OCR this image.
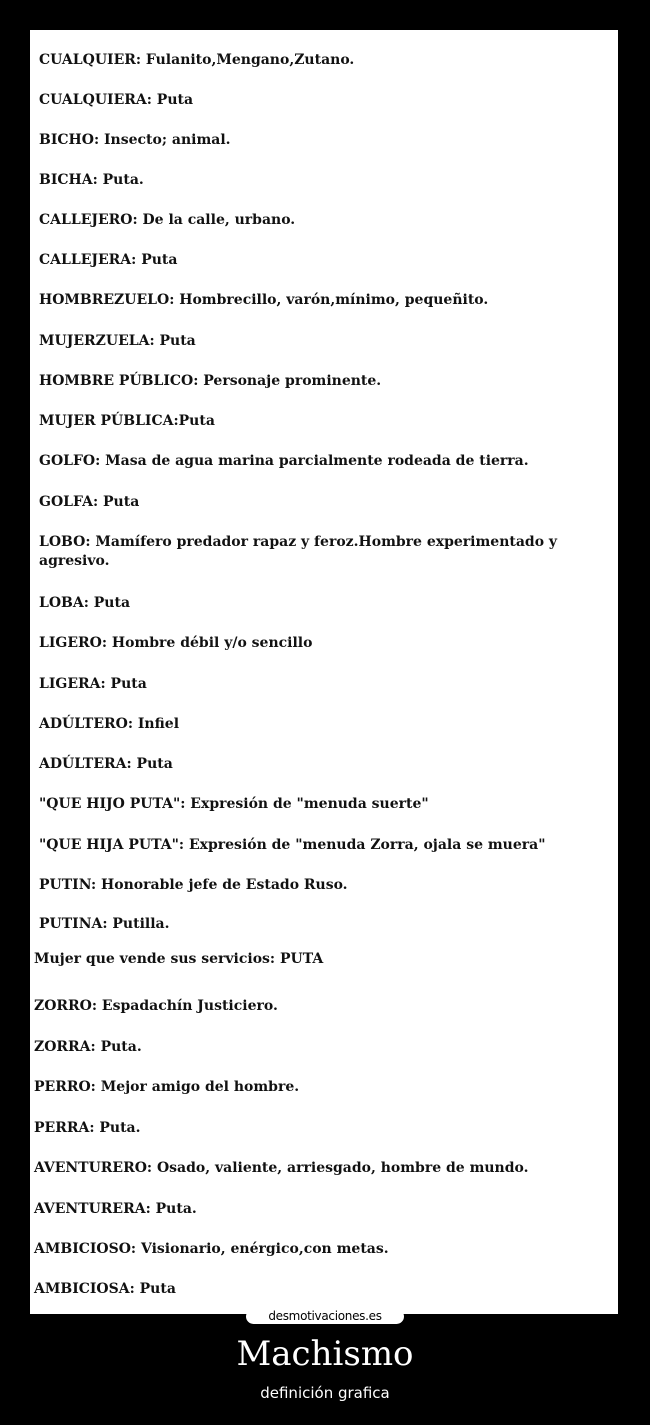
CUALQUIER: Fulanito,Mengano,Zutano.
CUALQUIERA: Puta
BICHO: Insecto; animal.
BICHA: Puta.
CALLEJERO: De la calle, urbano.
CALLEJERA: Puta
HOMBREZUELO: Hombrecillo, varón,mínimo, pequeñito.
MUJERZUELA: Puta
HOMBRE PÚBLICO: Personaje prominente.
MUJER PÚBLICA:Puta
GOLFO: Masa de agua marina parcialmente rodeada de tierra.
GOLFA: Puta
LOBO: Mamífero predador rapaz y feroz.Hombre experimentado y agresivo.
LOBA: Puta
LIGERO: Hombre débil y/o sencillo
LIGERA: Puta
ADÚLTERO: Infiel
ADÚLTERA: Puta
"QUE HIJO PUTA": Expresión de "menuda suerte"
"QUE HIJA PUTA": Expresión de "menuda Zorra, ojala se muera"
PUTIN: Honorable jefe de Estado Ruso.
PUTINA: Putilla.
Mujer que vende sus servicios: PUTA
ZORRO: Espadachín Justiciero.
ZORRA: Puta.
PERRO: Mejor amigo del hombre.
PERRA: Puta.
AVENTURERO: Osado, valiente, arriesgado, hombre de mundo.
AVENTURERA: Puta.
AMBICIOSO: Visionario, enérgico,con metas.
AMBICIOSA: Puta
desmotivaciones.es
Machismo
definición grafica
